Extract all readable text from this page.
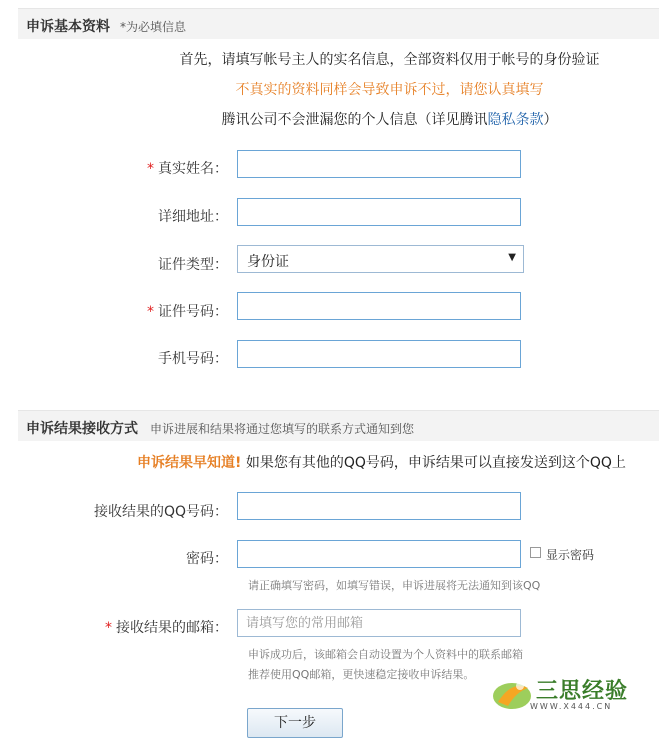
申诉基本资料 *为必填信息
首先，请填写帐号主人的实名信息，全部资料仅用于帐号的身份验证
不真实的资料同样会导致申诉不过，请您认真填写
腾讯公司不会泄漏您的个人信息（详见腾讯隐私条款）
* 真实姓名：
详细地址：
证件类型： 身份证	▼
* 证件号码：
手机号码：
申诉结果接收方式 申诉进展和结果将通过您填写的联系方式通知到您
申诉结果早知道! 如果您有其他的QQ号码，申诉结果可以直接发送到这个QQ上
接收结果的QQ号码：
密码：	显示密码
请正确填写密码，如填写错误，申诉进展将无法通知到该QQ
* 接收结果的邮箱：
请填写您的常用邮箱
申诉成功后，该邮箱会自动设置为个人资料中的联系邮箱
推荐使用QQ邮箱，更快速稳定接收申诉结果。
三思经验
WWW.X444.CN
下一步
